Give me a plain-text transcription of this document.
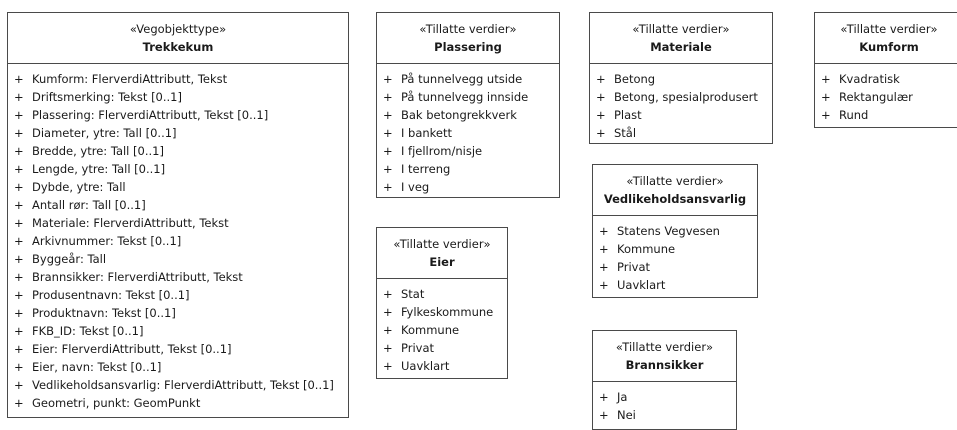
«Vegobjekttype»
Trekkekum
+ Kumform: FlerverdiAttributt, Tekst
+ Driftsmerking: Tekst [0..1]
+ Plassering: FlerverdiAttributt, Tekst [0..1]
+ Diameter, ytre: Tall [0..1]
+ Bredde, ytre: Tall [0..1]
+ Lengde, ytre: Tall [0..1]
+ Dybde, ytre: Tall
+ Antall rør: Tall [0..1]
+ Materiale: FlerverdiAttributt, Tekst
+ Arkivnummer: Tekst [0..1]
+ Byggeår: Tall
+ Brannsikker: FlerverdiAttributt, Tekst
+ Produsentnavn: Tekst [0..1]
+ Produktnavn: Tekst [0..1]
+ FKB_ID: Tekst [0..1]
+ Eier: FlerverdiAttributt, Tekst [0..1]
+ Eier, navn: Tekst [0..1]
+ Vedlikeholdsansvarlig: FlerverdiAttributt, Tekst [0..1]
+ Geometri, punkt: GeomPunkt
«Tillatte verdier»
Plassering
+ På tunnelvegg utside
+ På tunnelvegg innside
+ Bak betongrekkverk
+ I bankett
+ I fjellrom/nisje
+ I terreng
+ I veg
«Tillatte verdier»
Materiale
+ Betong
+ Betong, spesialprodusert
+ Plast
+ Stål
«Tillatte verdier»
Kumform
+ Kvadratisk
+ Rektangulær
+ Rund
«Tillatte verdier»
Eier
+ Stat
+ Fylkeskommune
+ Kommune
+ Privat
+ Uavklart
«Tillatte verdier»
Vedlikeholdsansvarlig
+ Statens Vegvesen
+ Kommune
+ Privat
+ Uavklart
«Tillatte verdier»
Brannsikker
+ Ja
+ Nei
